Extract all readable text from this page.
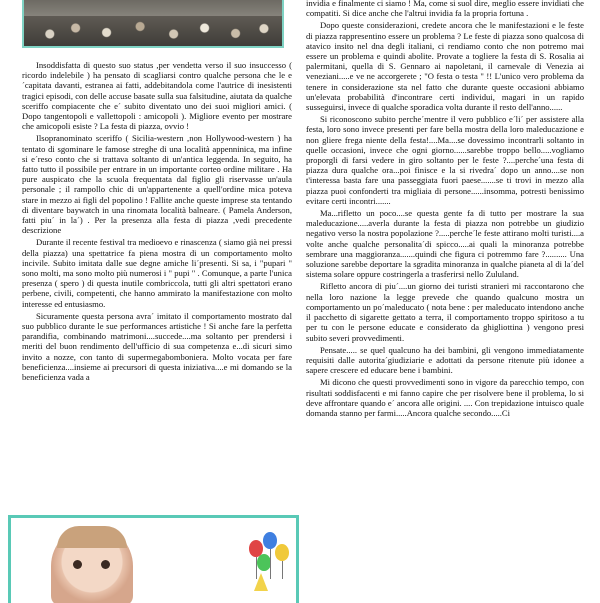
Insoddisfatta di questo suo status ,per vendetta verso il suo insuccesso ( ricordo indelebile ) ha pensato di scagliarsi contro qualche persona che le e´capitata davanti, estranea ai fatti, addebitandola come l'autrice di inesistenti tragici episodi, con delle accuse basate sulla sua falsitudine, aiutata da qualche sceriffo compiacente che e´ subito diventato uno dei suoi migliori amici. ( Dopo tangentopoli e vallettopoli : amicopoli ). Migliore evento per mostrare che amicopoli esiste ? La festa di piazza, ovvio !

Ilsopranominato sceriffo ( Sicilia-western ,non Hollywood-western ) ha tentato di sgominare le famose streghe di una località appenninica, ma infine si e´reso conto che si trattava soltanto di un'antica leggenda. In seguito, ha fatto tutto il possibile per entrare in un importante corteo ordine militare . Ha pure auspicato che la scuola frequentata dal figlio gli riservasse un'aula personale ; il rampollo chic di un'appartenente a quell'ordine mica poteva stare in mezzo ai figli del popolino ! Fallite anche queste imprese sta tentando di diventare baywatch in una rinomata località balneare. ( Pamela Anderson, fatti piu´ in la´) . Per la presenza alla festa di piazza ,vedi precedente descrizione

Durante il recente festival tra medioevo e rinascenza ( siamo già nei pressi della piazza) una spettatrice fa piena mostra di un comportamento molto incivile. Subito imitata dalle sue degne amiche li´presenti. Si sa, i "pupari " sono molti, ma sono molto più numerosi i " pupi " . Comunque, a parte l'unica presenza ( spero ) di questa inutile combriccola, tutti gli altri spettatori erano perbene, civili, competenti, che hanno ammirato la manifestazione con molto interesse ed entusiasmo.

Sicuramente questa persona avra´ imitato il comportamento mostrato dal suo pubblico durante le sue performances artistiche ! Si anche fare la perfetta parandifia, combinando matrimoni....succede....ma soltanto per prendersi i meriti del buon rendimento dell'ufficio di sua competenza e...di sicuri simo invito a nozze, con tanto di supermegabomboniera. Molto vocata per fare beneficienza....insieme ai precursori di questa iniziativa....e mi domando se la beneficienza vada a

invidia e finalmente ci siamo ! Ma, come si suol dire, meglio essere invidiati che compatiti. Si dice anche che l'altrui invidia fa la propria fortuna .

Dopo queste considerazioni, credete ancora che le manifestazioni e le feste di piazza rappresentino essere un problema ? Le feste di piazza sono qualcosa di atavico insito nel dna degli italiani, ci rendiamo conto che non potremo mai essere un problema e quindi abolite. Provate a togliere la festa di S. Rosalia ai palermitani, quella di S. Gennaro ai napoletani, il carnevale di Venezia ai veneziani.....e ve ne accorgerete ; "O festa o testa " !! L'unico vero problema da tenere in considerazione sta nel fatto che durante queste occasioni abbiamo un'elevata probabilità d'incontrare certi individui, magari in un rapido susseguirsi, invece di qualche sporadica volta durante il resto dell'anno......

Si riconoscono subito perche´mentre il vero pubblico e´li´ per assistere alla festa, loro sono invece presenti per fare bella mostra della loro maleducazione e non gliere frega niente della festa!....Ma....se dovessimo incontrarli soltanto in quelle occasioni, invece che ogni giorno......sarebbe troppo bello.....vogliamo proporgli di farsi vedere in giro soltanto per le feste ?....perche´una festa di piazza dura qualche ora...poi finisce e la si rivedra´ dopo un anno....se non t'interessa basta fare una passeggiata fuori paese.......se ti trovi in mezzo alla piazza puoi confonderti tra migliaia di persone......insomma, potresti benissimo evitare certi incontri.......

Ma...rifletto un poco....se questa gente fa di tutto per mostrare la sua maleducazione.....averla durante la festa di piazza non potrebbe un giudizio negativo verso la nostra popolazione ?.....perche´le feste attirano molti turisti....a volte anche qualche personalita´di spicco.....ai quali la minoranza potrebbe sembrare una maggioranza.......quindi che figura ci potremmo fare ?.......... Una soluzione sarebbe deportare la sgradita minoranza in qualche pianeta al di la´del sistema solare oppure costringerla a trasferirsi nello Zululand.

Rifletto ancora di piu´....un giorno dei turisti stranieri mi raccontarono che nella loro nazione la legge prevede che quando qualcuno mostra un comportamento un po´maleducato ( nota bene : per maleducato intendono anche il pacchetto di sigarette gettato a terra, il comportamento troppo spiritoso a tu per tu con le persone educate e considerato da ghigliottina ) vengono presi subito severi provvedimenti.

Pensate..... se quel qualcuno ha dei bambini, gli vengono immediatamente requisiti dalle autorita´giudiziarie e adottati da persone ritenute più idonee a sapere crescere ed educare bene i bambini.

Mi dicono che questi provvedimenti sono in vigore da parecchio tempo, con risultati soddisfacenti e mi fanno capire che per risolvere bene il problema, lo si deve affrontare quando e´ ancora alle origini. .... Con trepidazione intuisco quale domanda stanno per farmi.....Ancora qualche secondo.....Ci
